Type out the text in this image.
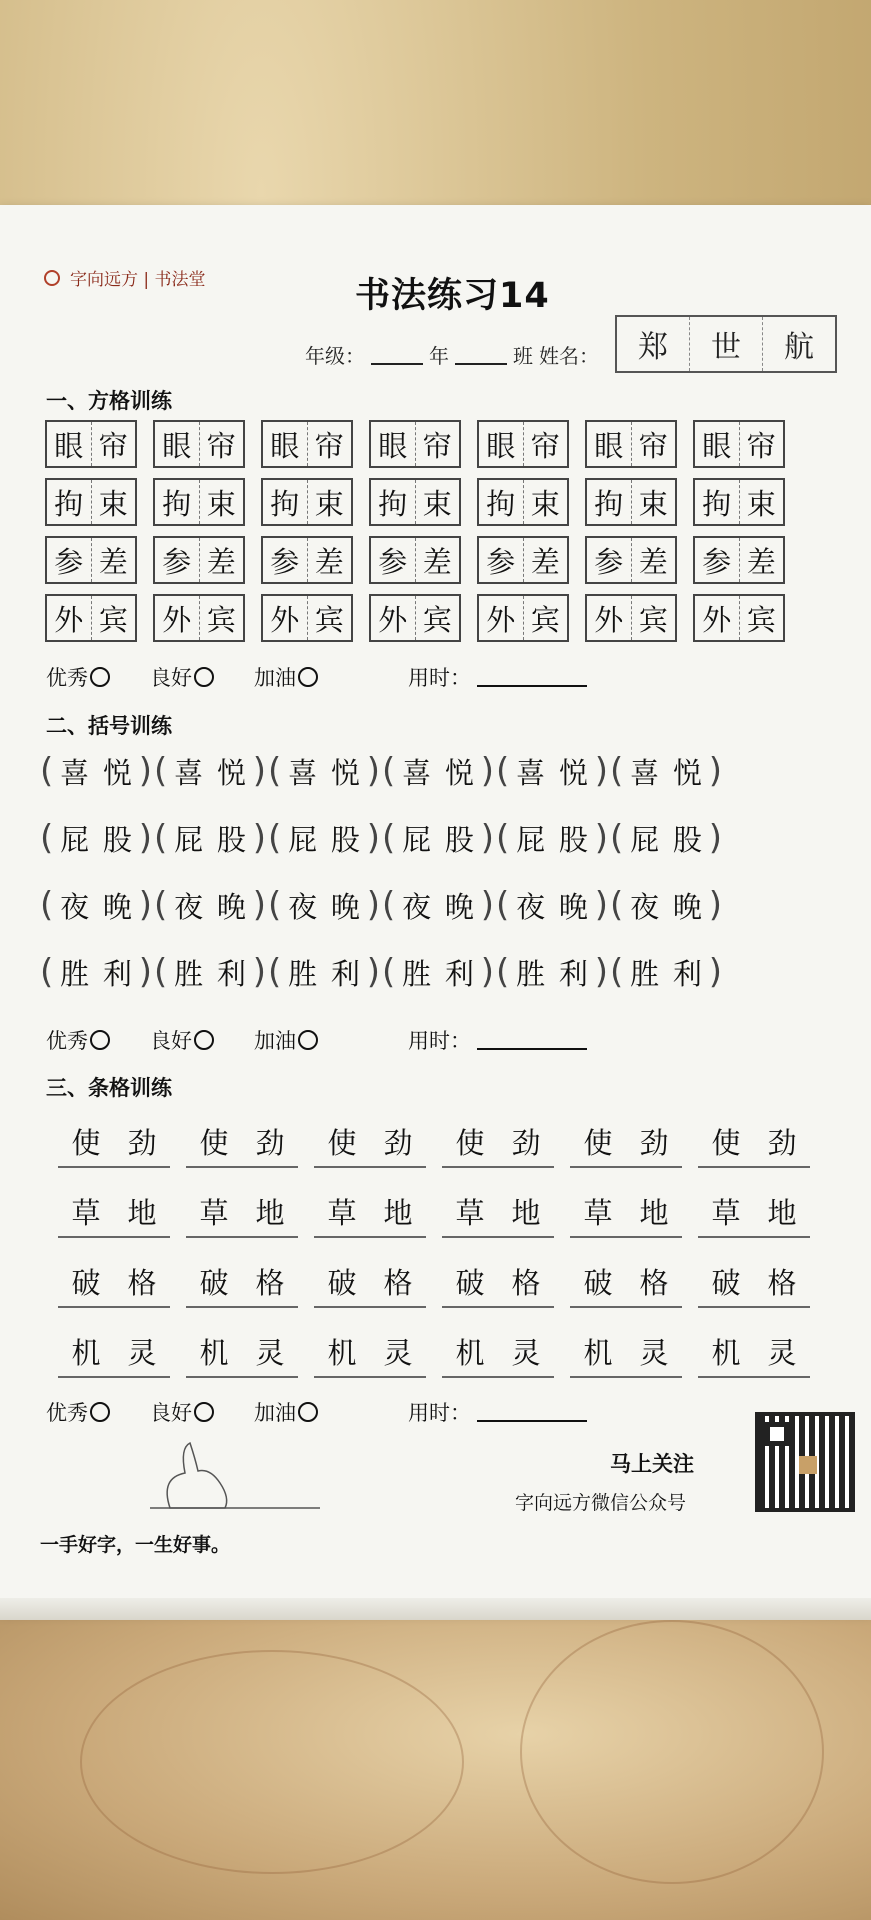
字向远方 | 书法堂	书法练习14
年级：	年	班 姓名：	郑	世	航
一、方格训练
眼 帘 眼 帘 眼 帘 眼 帘 眼 帘 眼 帘 眼 帘
拘 束 拘 束 拘 束 拘 束 拘 束 拘 束 拘 束
参 差 参 差 参 差 参 差 参 差 参 差 参 差
外 宾 外 宾 外 宾 外 宾 外 宾 外 宾 外 宾
优秀	良好	加油	用时：
二、括号训练
( 喜 悦 ) ( 喜 悦 ) ( 喜 悦 ) ( 喜 悦 ) ( 喜 悦 ) ( 喜 悦 )
( 屁 股 ) ( 屁 股 ) ( 屁 股 ) ( 屁 股 ) ( 屁 股 ) ( 屁 股 )
( 夜 晚 ) ( 夜 晚 ) ( 夜 晚 ) ( 夜 晚 ) ( 夜 晚 ) ( 夜 晚 )
( 胜 利 ) ( 胜 利 ) ( 胜 利 ) ( 胜 利 ) ( 胜 利 ) ( 胜 利 )
优秀	良好	加油	用时：
三、条格训练
使 劲	使 劲	使 劲	使 劲	使 劲	使 劲
草 地	草 地	草 地	草 地	草 地	草 地
破 格	破 格	破 格	破 格	破 格	破 格
机 灵	机 灵	机 灵	机 灵	机 灵	机 灵
优秀	良好	加油	用时：
马上关注
字向远方微信公众号
一手好字，一生好事。
